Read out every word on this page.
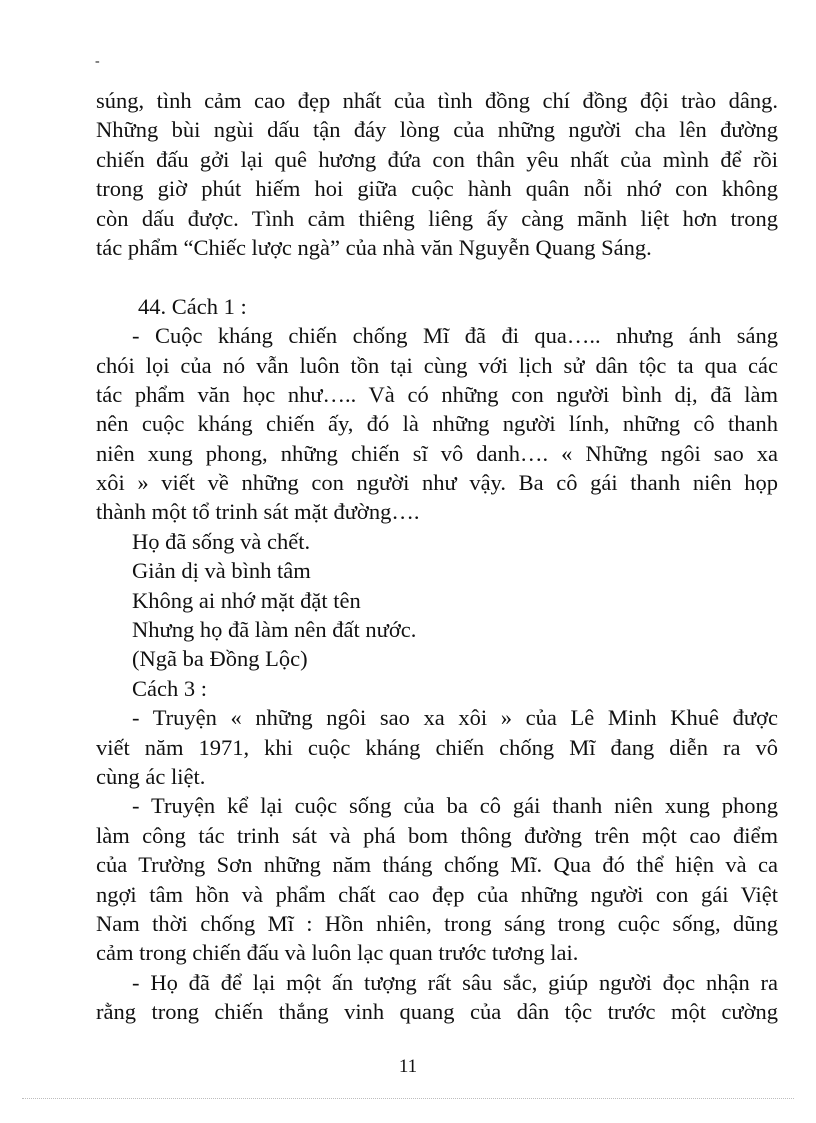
-
súng, tình cảm cao đẹp nhất của tình đồng chí đồng đội trào dâng.
Những bùi ngùi dấu tận đáy lòng của những người cha lên đường
chiến đấu gởi lại quê hương đứa con thân yêu nhất của mình để rồi
trong giờ phút hiếm hoi giữa cuộc hành quân nỗi nhớ con không
còn dấu được. Tình cảm thiêng liêng ấy càng mãnh liệt hơn trong
tác phẩm “Chiếc lược ngà” của nhà văn Nguyễn Quang Sáng.
44. Cách 1 :
- Cuộc kháng chiến chống Mĩ đã đi qua….. nhưng ánh sáng
chói lọi của nó vẫn luôn tồn tại cùng với lịch sử dân tộc ta qua các
tác phẩm văn học như….. Và có những con người bình dị, đã làm
nên cuộc kháng chiến ấy, đó là những người lính, những cô thanh
niên xung phong, những chiến sĩ vô danh…. « Những ngôi sao xa
xôi » viết về những con người như vậy. Ba cô gái thanh niên họp
thành một tổ trinh sát mặt đường….
Họ đã sống và chết.
Giản dị và bình tâm
Không ai nhớ mặt đặt tên
Nhưng họ đã làm nên đất nước.
(Ngã ba Đồng Lộc)
Cách 3 :
- Truyện « những ngôi sao xa xôi » của Lê Minh Khuê được
viết năm 1971, khi cuộc kháng chiến chống Mĩ đang diễn ra vô
cùng ác liệt.
- Truyện kể lại cuộc sống của ba cô gái thanh niên xung phong
làm công tác trinh sát và phá bom thông đường trên một cao điểm
của Trường Sơn những năm tháng chống Mĩ. Qua đó thể hiện và ca
ngợi tâm hồn và phẩm chất cao đẹp của những người con gái Việt
Nam thời chống Mĩ : Hồn nhiên, trong sáng trong cuộc sống, dũng
cảm trong chiến đấu và luôn lạc quan trước tương lai.
- Họ đã để lại một ấn tượng rất sâu sắc, giúp người đọc nhận ra
rằng trong chiến thắng vinh quang của dân tộc trước một cường
11
